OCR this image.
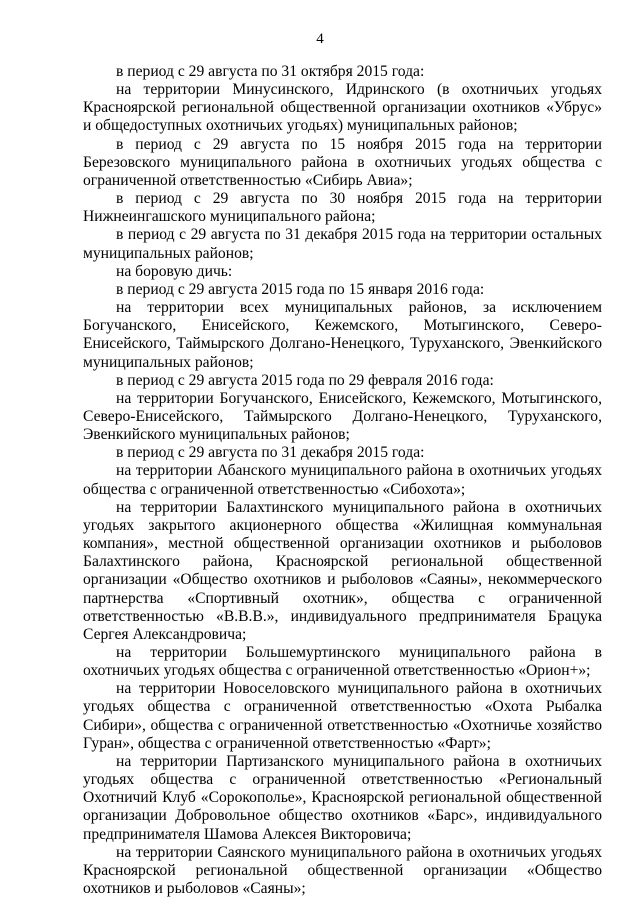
4

в период с 29 августа по 31 октября 2015 года:

на территории Минусинского, Идринского (в охотничьих угодьях Красноярской региональной общественной организации охотников «Убрус» и общедоступных охотничьих угодьях) муниципальных районов;

в период с 29 августа по 15 ноября 2015 года на территории Березовского муниципального района в охотничьих угодьях общества с ограниченной ответственностью «Сибирь Авиа»;

в период с 29 августа по 30 ноября 2015 года на территории Нижнеингашского муниципального района;

в период с 29 августа по 31 декабря 2015 года на территории остальных муниципальных районов;

на боровую дичь:

в период с 29 августа 2015 года по 15 января 2016 года:

на территории всех муниципальных районов, за исключением Богучанского, Енисейского, Кежемского, Мотыгинского, Северо-Енисейского, Таймырского Долгано-Ненецкого, Туруханского, Эвенкийского муниципальных районов;

в период с 29 августа 2015 года по 29 февраля 2016 года:

на территории Богучанского, Енисейского, Кежемского, Мотыгинского, Северо-Енисейского, Таймырского Долгано-Ненецкого, Туруханского, Эвенкийского муниципальных районов;

в период с 29 августа по 31 декабря 2015 года:

на территории Абанского муниципального района в охотничьих угодьях общества с ограниченной ответственностью «Сибохота»;

на территории Балахтинского муниципального района в охотничьих угодьях закрытого акционерного общества «Жилищная коммунальная компания», местной общественной организации охотников и рыболовов Балахтинского района, Красноярской региональной общественной организации «Общество охотников и рыболовов «Саяны», некоммерческого партнерства «Спортивный охотник», общества с ограниченной ответственностью «В.В.В.», индивидуального предпринимателя Брацука Сергея Александровича;

на территории Большемуртинского муниципального района в охотничьих угодьях общества с ограниченной ответственностью «Орион+»;

на территории Новоселовского муниципального района в охотничьих угодьях общества с ограниченной ответственностью «Охота Рыбалка Сибири», общества с ограниченной ответственностью «Охотничье хозяйство Гуран», общества с ограниченной ответственностью «Фарт»;

на территории Партизанского муниципального района в охотничьих угодьях общества с ограниченной ответственностью «Региональный Охотничий Клуб «Сорокополье», Красноярской региональной общественной организации Добровольное общество охотников «Барс», индивидуального предпринимателя Шамова Алексея Викторовича;

на территории Саянского муниципального района в охотничьих угодьях Красноярской региональной общественной организации «Общество охотников и рыболовов «Саяны»;
